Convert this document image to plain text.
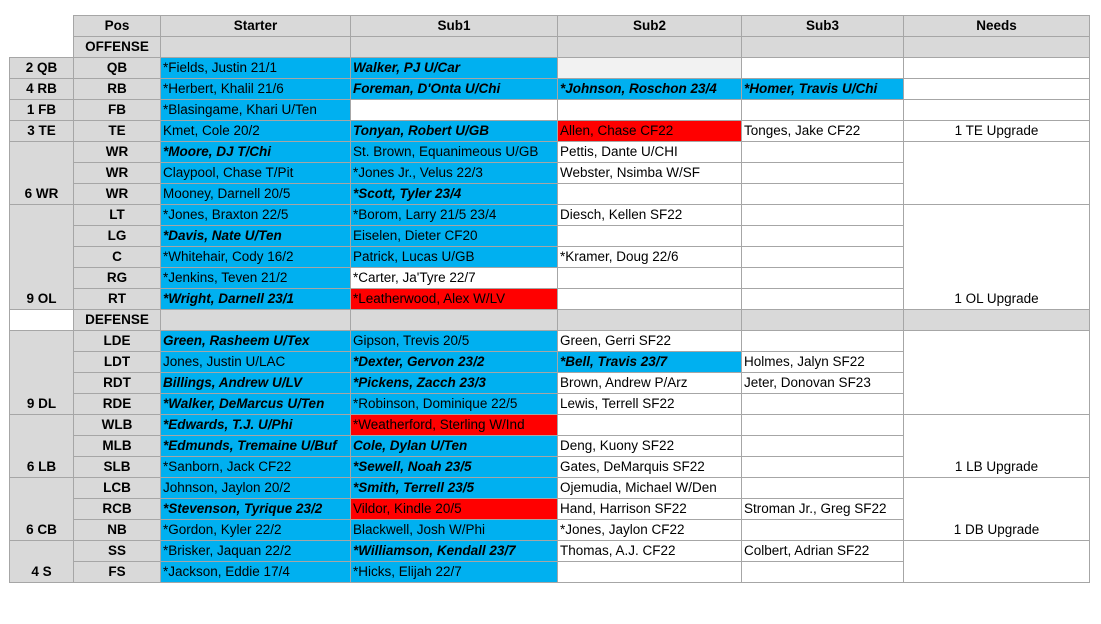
	Pos	Starter	Sub1	Sub2	Sub3	Needs
	OFFENSE					
2 QB	QB	*Fields, Justin 21/1	Walker, PJ U/Car			
4 RB	RB	*Herbert, Khalil 21/6	Foreman, D'Onta U/Chi	*Johnson, Roschon 23/4	*Homer, Travis U/Chi	
1 FB	FB	*Blasingame, Khari U/Ten				
3 TE	TE	Kmet, Cole 20/2	Tonyan, Robert U/GB	Allen, Chase CF22	Tonges, Jake CF22	1 TE Upgrade
6 WR	WR	*Moore, DJ T/Chi	St. Brown, Equanimeous U/GB	Pettis, Dante U/CHI		
	WR	Claypool, Chase T/Pit	*Jones Jr., Velus 22/3	Webster, Nsimba W/SF		
	WR	Mooney, Darnell 20/5	*Scott, Tyler 23/4			
9 OL	LT	*Jones, Braxton 22/5	*Borom, Larry 21/5 23/4	Diesch, Kellen SF22		1 OL Upgrade
	LG	*Davis, Nate U/Ten	Eiselen, Dieter CF20			
	C	*Whitehair, Cody 16/2	Patrick, Lucas U/GB	*Kramer, Doug 22/6		
	RG	*Jenkins, Teven 21/2	*Carter, Ja'Tyre 22/7			
	RT	*Wright, Darnell 23/1	*Leatherwood, Alex W/LV			
	DEFENSE					
9 DL	LDE	Green, Rasheem U/Tex	Gipson, Trevis 20/5	Green, Gerri SF22		
	LDT	Jones, Justin U/LAC	*Dexter, Gervon 23/2	*Bell, Travis 23/7	Holmes, Jalyn SF22	
	RDT	Billings, Andrew U/LV	*Pickens, Zacch 23/3	Brown, Andrew P/Arz	Jeter, Donovan SF23	
	RDE	*Walker, DeMarcus U/Ten	*Robinson, Dominique 22/5	Lewis, Terrell SF22		
6 LB	WLB	*Edwards, T.J. U/Phi	*Weatherford, Sterling W/Ind			1 LB Upgrade
	MLB	*Edmunds, Tremaine U/Buf	Cole, Dylan U/Ten	Deng, Kuony SF22		
	SLB	*Sanborn, Jack CF22	*Sewell, Noah 23/5	Gates, DeMarquis SF22		
6 CB	LCB	Johnson, Jaylon 20/2	*Smith, Terrell 23/5	Ojemudia, Michael W/Den		1 DB Upgrade
	RCB	*Stevenson, Tyrique 23/2	Vildor, Kindle 20/5	Hand, Harrison SF22	Stroman Jr., Greg SF22	
	NB	*Gordon, Kyler 22/2	Blackwell, Josh W/Phi	*Jones, Jaylon CF22		
4 S	SS	*Brisker, Jaquan 22/2	*Williamson, Kendall 23/7	Thomas, A.J. CF22	Colbert, Adrian SF22	
	FS	*Jackson, Eddie 17/4	*Hicks, Elijah 22/7			
